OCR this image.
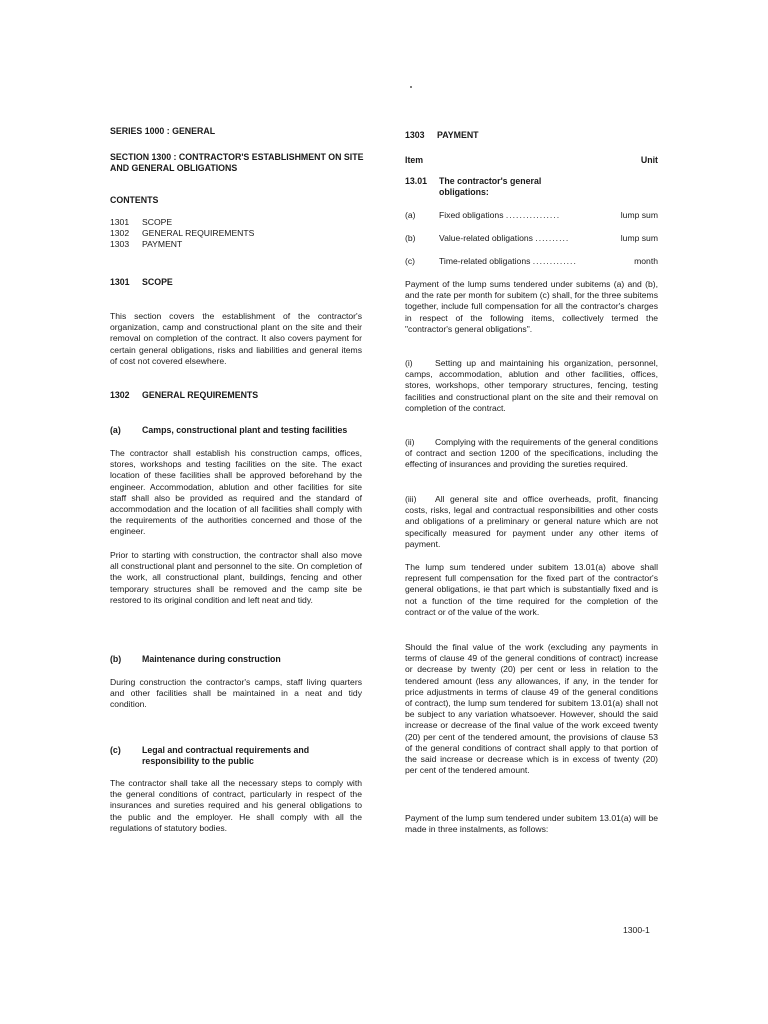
SERIES 1000 : GENERAL
SECTION 1300 : CONTRACTOR'S ESTABLISHMENT ON SITE AND GENERAL OBLIGATIONS
CONTENTS
1301	SCOPE
1302	GENERAL REQUIREMENTS
1303	PAYMENT
1301	SCOPE

This section covers the establishment of the contractor's organization, camp and constructional plant on the site and their removal on completion of the contract. It also covers payment for certain general obligations, risks and liabilities and general items of cost not covered elsewhere.

1302	GENERAL REQUIREMENTS
(a)	Camps, constructional plant and testing facilities

The contractor shall establish his construction camps, offices, stores, workshops and testing facilities on the site. The exact location of these facilities shall be approved beforehand by the engineer. Accommodation, ablution and other facilities for site staff shall also be provided as required and the standard of accommodation and the location of all facilities shall comply with the requirements of the authorities concerned and those of the engineer.

Prior to starting with construction, the contractor shall also move all constructional plant and personnel to the site. On completion of the work, all constructional plant, buildings, fencing and other temporary structures shall be removed and the camp site be restored to its original condition and left neat and tidy.

(b)	Maintenance during construction

During construction the contractor's camps, staff living quarters and other facilities shall be maintained in a neat and tidy condition.

(c)	Legal and contractual requirements and responsibility to the public

The contractor shall take all the necessary steps to comply with the general conditions of contract, particularly in respect of the insurances and sureties required and his general obligations to the public and the employer. He shall comply with all the regulations of statutory bodies.

1303	PAYMENT
Item	Unit
13.01	The contractor's general obligations:
(a)	Fixed obligations ................	lump sum
(b)	Value-related obligations ..........	lump sum
(c)	Time-related obligations .............	month

Payment of the lump sums tendered under subitems (a) and (b), and the rate per month for subitem (c) shall, for the three subitems together, include full compensation for all the contractor's charges in respect of the following items, collectively termed the "contractor's general obligations".

(i)	Setting up and maintaining his organization, personnel, camps, accommodation, ablution and other facilities, offices, stores, workshops, other temporary structures, fencing, testing facilities and constructional plant on the site and their removal on completion of the contract.

(ii) Complying with the requirements of the general conditions of contract and section 1200 of the specifications, including the effecting of insurances and providing the sureties required.

(iii) All general site and office overheads, profit, financing costs, risks, legal and contractual responsibilities and other costs and obligations of a preliminary or general nature which are not specifically measured for payment under any other items of payment.

The lump sum tendered under subitem 13.01(a) above shall represent full compensation for the fixed part of the contractor's general obligations, ie that part which is substantially fixed and is not a function of the time required for the completion of the contract or of the value of the work.

Should the final value of the work (excluding any payments in terms of clause 49 of the general conditions of contract) increase or decrease by twenty (20) per cent or less in relation to the tendered amount (less any allowances, if any, in the tender for price adjustments in terms of clause 49 of the general conditions of contract), the lump sum tendered for subitem 13.01(a) shall not be subject to any variation whatsoever. However, should the said increase or decrease of the final value of the work exceed twenty (20) per cent of the tendered amount, the provisions of clause 53 of the general conditions of contract shall apply to that portion of the said increase or decrease which is in excess of twenty (20) per cent of the tendered amount.

Payment of the lump sum tendered under subitem 13.01(a) will be made in three instalments, as follows:

1300-1
